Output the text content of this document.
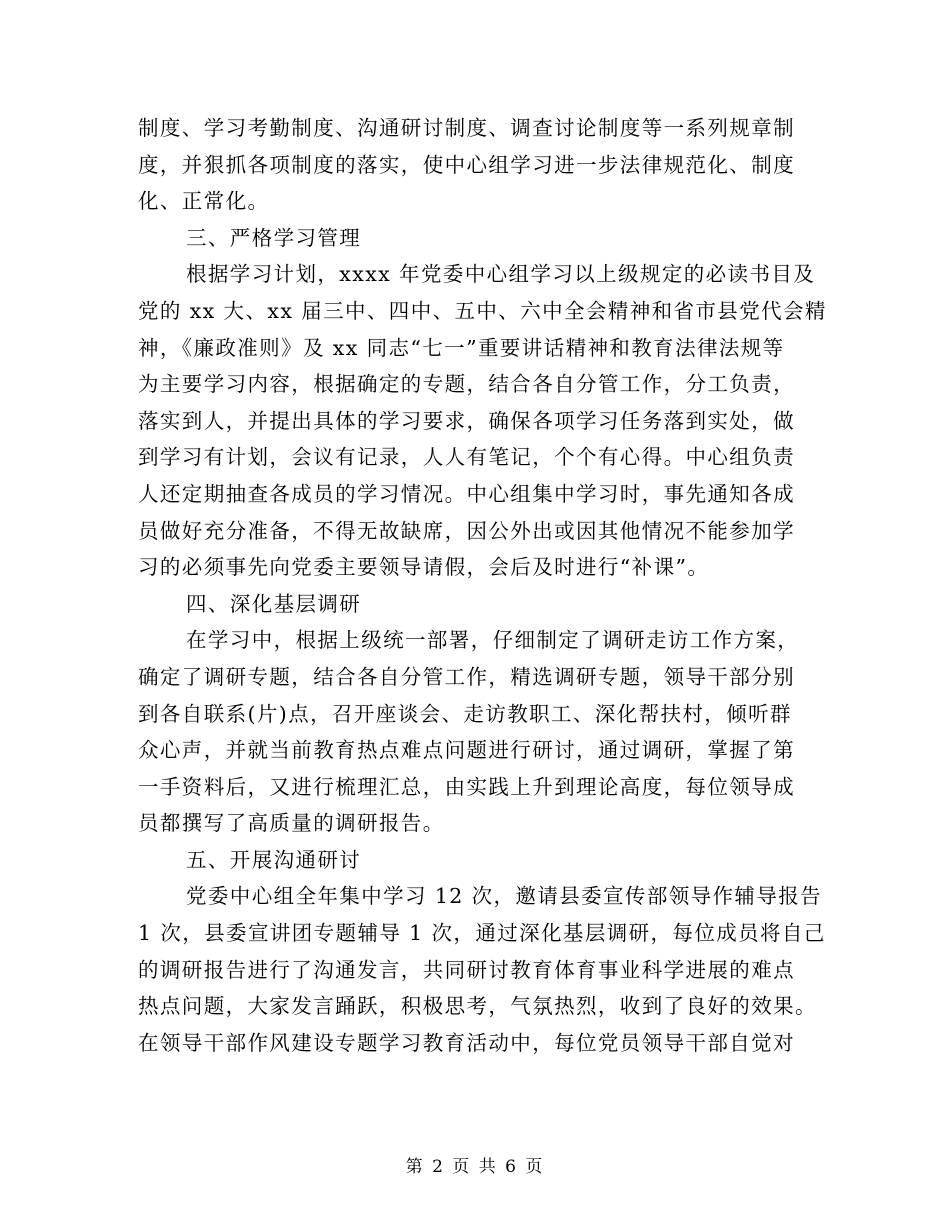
制度、学习考勤制度、沟通研讨制度、调查讨论制度等一系列规章制
度，并狠抓各项制度的落实，使中心组学习进一步法律规范化、制度
化、正常化。
三、严格学习管理
根据学习计划，xxxx 年党委中心组学习以上级规定的必读书目及
党的 xx 大、xx 届三中、四中、五中、六中全会精神和省市县党代会精
神，《廉政准则》及 xx 同志“七一”重要讲话精神和教育法律法规等
为主要学习内容，根据确定的专题，结合各自分管工作，分工负责，
落实到人，并提出具体的学习要求，确保各项学习任务落到实处，做
到学习有计划，会议有记录，人人有笔记，个个有心得。中心组负责
人还定期抽查各成员的学习情况。中心组集中学习时，事先通知各成
员做好充分准备，不得无故缺席，因公外出或因其他情况不能参加学
习的必须事先向党委主要领导请假，会后及时进行“补课”。
四、深化基层调研
在学习中，根据上级统一部署，仔细制定了调研走访工作方案，
确定了调研专题，结合各自分管工作，精选调研专题，领导干部分别
到各自联系(片)点，召开座谈会、走访教职工、深化帮扶村，倾听群
众心声，并就当前教育热点难点问题进行研讨，通过调研，掌握了第
一手资料后，又进行梳理汇总，由实践上升到理论高度，每位领导成
员都撰写了高质量的调研报告。
五、开展沟通研讨
党委中心组全年集中学习 12 次，邀请县委宣传部领导作辅导报告
1 次，县委宣讲团专题辅导 1 次，通过深化基层调研，每位成员将自己
的调研报告进行了沟通发言，共同研讨教育体育事业科学进展的难点
热点问题，大家发言踊跃，积极思考，气氛热烈，收到了良好的效果。
在领导干部作风建设专题学习教育活动中，每位党员领导干部自觉对
第 2 页 共 6 页
